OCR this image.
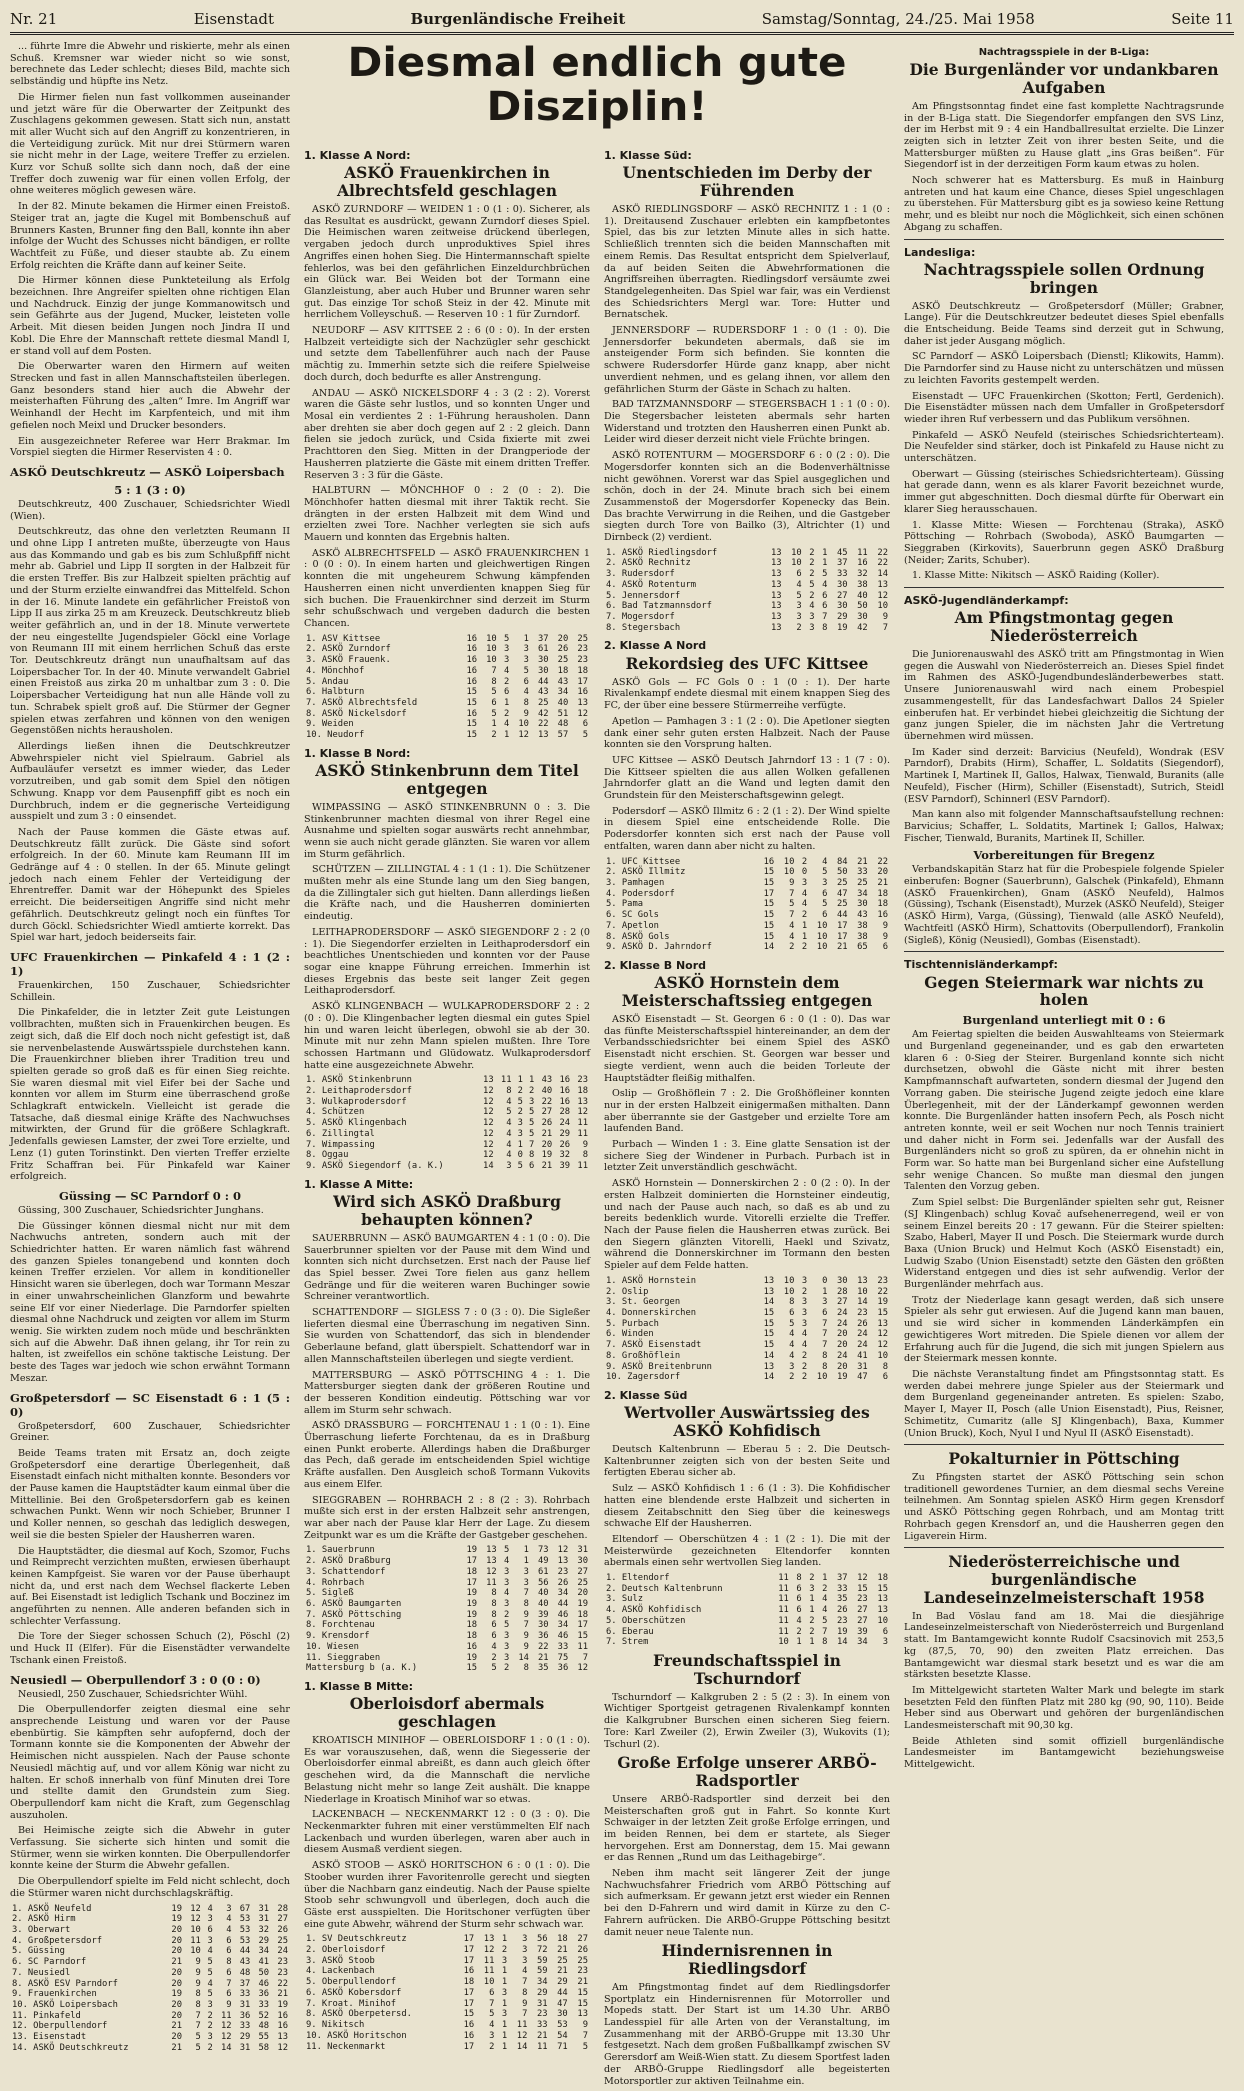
Nr. 21	Eisenstadt	Burgenländische Freiheit	Samstag/Sonntag, 24./25. Mai 1958	Seite 11

... führte Imre die Abwehr und riskierte, mehr als einen Schuß. Kremsner war wieder nicht so wie sonst, berechnete das Leder schlecht; dieses Bild, machte sich selbständig und hüpfte ins Netz.

Die Hirmer fielen nun fast vollkommen auseinander und jetzt wäre für die Oberwarter der Zeitpunkt des Zuschlagens gekommen gewesen. Statt sich nun, anstatt mit aller Wucht sich auf den Angriff zu konzentrieren, in die Verteidigung zurück. Mit nur drei Stürmern waren sie nicht mehr in der Lage, weitere Treffer zu erzielen. Kurz vor Schuß sollte sich dann noch, daß der eine Treffer doch zuwenig war für einen vollen Erfolg, der ohne weiteres möglich gewesen wäre.

In der 82. Minute bekamen die Hirmer einen Freistoß. Steiger trat an, jagte die Kugel mit Bombenschuß auf Brunners Kasten, Brunner fing den Ball, konnte ihn aber infolge der Wucht des Schusses nicht bändigen, er rollte Wachtfeit zu Füße, und dieser staubte ab. Zu einem Erfolg reichten die Kräfte dann auf keiner Seite.

Die Hirmer können diese Punkteteilung als Erfolg bezeichnen. Ihre Angreifer spielten ohne richtigen Elan und Nachdruck. Einzig der junge Kommanowitsch und sein Gefährte aus der Jugend, Mucker, leisteten volle Arbeit. Mit diesen beiden Jungen noch Jindra II und Kobl. Die Ehre der Mannschaft rettete diesmal Mandl I, er stand voll auf dem Posten.

Die Oberwarter waren den Hirmern auf weiten Strecken und fast in allen Mannschaftsteilen überlegen. Ganz besonders stand hier auch die Abwehr der meisterhaften Führung des „alten“ Imre. Im Angriff war Weinhandl der Hecht im Karpfenteich, und mit ihm gefielen noch Meixl und Drucker besonders.

Ein ausgezeichneter Referee war Herr Brakmar. Im Vorspiel siegten die Hirmer Reservisten 4 : 0.

ASKÖ Deutschkreutz — ASKÖ Loipersbach
5 : 1 (3 : 0)

Deutschkreutz, 400 Zuschauer, Schiedsrichter Wiedl (Wien).

Deutschkreutz, das ohne den verletzten Reumann II und ohne Lipp I antreten mußte, überzeugte von Haus aus das Kommando und gab es bis zum Schlußpfiff nicht mehr ab. Gabriel und Lipp II sorgten in der Halbzeit für die ersten Treffer. Bis zur Halbzeit spielten prächtig auf und der Sturm erzielte einwandfrei das Mittelfeld. Schon in der 16. Minute landete ein gefährlicher Freistoß von Lipp II aus zirka 25 m am Kreuzeck. Deutschkreutz blieb weiter gefährlich an, und in der 18. Minute verwertete der neu eingestellte Jugendspieler Göckl eine Vorlage von Reumann III mit einem herrlichen Schuß das erste Tor. Deutschkreutz drängt nun unaufhaltsam auf das Loipersbacher Tor. In der 40. Minute verwandelt Gabriel einen Freistoß aus zirka 20 m unhaltbar zum 3 : 0. Die Loipersbacher Verteidigung hat nun alle Hände voll zu tun. Schrabek spielt groß auf. Die Stürmer der Gegner spielen etwas zerfahren und können von den wenigen Gegenstößen nichts herausholen.

Allerdings ließen ihnen die Deutschkreutzer Abwehrspieler nicht viel Spielraum. Gabriel als Aufbauläufer versetzt es immer wieder, das Leder vorzutreiben, und gab somit dem Spiel den nötigen Schwung. Knapp vor dem Pausenpfiff gibt es noch ein Durchbruch, indem er die gegnerische Verteidigung ausspielt und zum 3 : 0 einsendet.

Nach der Pause kommen die Gäste etwas auf. Deutschkreutz fällt zurück. Die Gäste sind sofort erfolgreich. In der 60. Minute kam Reumann III im Gedränge auf 4 : 0 stellen. In der 65. Minute gelingt jedoch nach einem Fehler der Verteidigung der Ehrentreffer. Damit war der Höhepunkt des Spieles erreicht. Die beiderseitigen Angriffe sind nicht mehr gefährlich. Deutschkreutz gelingt noch ein fünftes Tor durch Göckl. Schiedsrichter Wiedl amtierte korrekt. Das Spiel war hart, jedoch beiderseits fair.

UFC Frauenkirchen — Pinkafeld 4 : 1 (2 : 1)

Frauenkirchen, 150 Zuschauer, Schiedsrichter Schillein.

Die Pinkafelder, die in letzter Zeit gute Leistungen vollbrachten, mußten sich in Frauenkirchen beugen. Es zeigt sich, daß die Elf doch noch nicht gefestigt ist, daß sie nervenbelastende Auswärtsspiele durchstehen kann. Die Frauenkirchner blieben ihrer Tradition treu und spielten gerade so groß daß es für einen Sieg reichte. Sie waren diesmal mit viel Eifer bei der Sache und konnten vor allem im Sturm eine überraschend große Schlagkraft entwickeln. Vielleicht ist gerade die Tatsache, daß diesmal einige Kräfte des Nachwuchses mitwirkten, der Grund für die größere Schlagkraft. Jedenfalls gewiesen Lamster, der zwei Tore erzielte, und Lenz (1) guten Torinstinkt. Den vierten Treffer erzielte Fritz Schaffran bei. Für Pinkafeld war Kainer erfolgreich.

Güssing — SC Parndorf 0 : 0

Güssing, 300 Zuschauer, Schiedsrichter Junghans.

Die Güssinger können diesmal nicht nur mit dem Nachwuchs antreten, sondern auch mit der Schiedrichter hatten. Er waren nämlich fast während des ganzen Spieles tonangebend und konnten doch keinen Treffer erzielen. Vor allem in konditioneller Hinsicht waren sie überlegen, doch war Tormann Meszar in einer unwahrscheinlichen Glanzform und bewahrte seine Elf vor einer Niederlage. Die Parndorfer spielten diesmal ohne Nachdruck und zeigten vor allem im Sturm wenig. Sie wirkten zudem noch müde und beschränkten sich auf die Abwehr. Daß ihnen gelang, ihr Tor rein zu halten, ist zweifellos ein schöne taktische Leistung. Der beste des Tages war jedoch wie schon erwähnt Tormann Meszar.

Großpetersdorf — SC Eisenstadt 6 : 1 (5 : 0)

Großpetersdorf, 600 Zuschauer, Schiedsrichter Greiner.

Beide Teams traten mit Ersatz an, doch zeigte Großpetersdorf eine derartige Überlegenheit, daß Eisenstadt einfach nicht mithalten konnte. Besonders vor der Pause kamen die Hauptstädter kaum einmal über die Mittellinie. Bei den Großpetersdorfern gab es keinen schwachen Punkt. Wenn wir noch Schieber, Brunner I und Koller nennen, so geschah das lediglich deswegen, weil sie die besten Spieler der Hausherren waren.

Die Hauptstädter, die diesmal auf Koch, Szomor, Fuchs und Reimprecht verzichten mußten, erwiesen überhaupt keinen Kampfgeist. Sie waren vor der Pause überhaupt nicht da, und erst nach dem Wechsel flackerte Leben auf. Bei Eisenstadt ist lediglich Tschank und Boczinez im angeführten zu nennen. Alle anderen befanden sich in schlechter Verfassung.

Die Tore der Sieger schossen Schuch (2), Pöschl (2) und Huck II (Elfer). Für die Eisenstädter verwandelte Tschank einen Freistoß.

Neusiedl — Oberpullendorf 3 : 0 (0 : 0)

Neusiedl, 250 Zuschauer, Schiedsrichter Wühl.

Die Oberpullendorfer zeigten diesmal eine sehr ansprechende Leistung und waren vor der Pause ebenbürtig. Sie kämpften sehr aufopfernd, doch der Tormann konnte sie die Komponenten der Abwehr der Heimischen nicht ausspielen. Nach der Pause schonte Neusiedl mächtig auf, und vor allem König war nicht zu halten. Er schoß innerhalb von fünf Minuten drei Tore und stellte damit den Grundstein zum Sieg. Oberpullendorf kam nicht die Kraft, zum Gegenschlag auszuholen.

Bei Heimische zeigte sich die Abwehr in guter Verfassung. Sie sicherte sich hinten und somit die Stürmer, wenn sie wirken konnten. Die Oberpullendorfer konnte keine der Sturm die Abwehr gefallen.

Die Oberpullendorf spielte im Feld nicht schlecht, doch die Stürmer waren nicht durchschlagskräftig.

1. ASKÖ Neufeld	19	12	4	3	67	31	28
2. ASKÖ Hirm	19	12	3	4	53	31	27
3. Oberwart	20	10	6	4	53	32	26
4. Großpetersdorf	20	11	3	6	53	29	25
5. Güssing	20	10	4	6	44	34	24
6. SC Parndorf	21	9	5	8	43	41	23
7. Neusiedl	20	9	5	6	48	50	23
8. ASKÖ ESV Parndorf	20	9	4	7	37	46	22
9. Frauenkirchen	19	8	5	6	33	36	21
10. ASKÖ Loipersbach	20	8	3	9	31	33	19
11. Pinkafeld	20	7	2	11	36	52	16
12. Oberpullendorf	21	7	2	12	33	48	16
13. Eisenstadt	20	5	3	12	29	55	13
14. ASKÖ Deutschkreutz	21	5	2	14	31	58	12
Diesmal endlich gute Disziplin!
Nachtragsspiele in der B-Liga:
Die Burgenländer vor undankbaren Aufgaben

Am Pfingstsonntag findet eine fast komplette Nachtragsrunde in der B-Liga statt. Die Siegendorfer empfangen den SVS Linz, der im Herbst mit 9 : 4 ein Handballresultat erzielte. Die Linzer zeigten sich in letzter Zeit von ihrer besten Seite, und die Mattersburger müßten zu Hause glatt „ins Gras beißen“. Für Siegendorf ist in der derzeitigen Form kaum etwas zu holen.

Noch schwerer hat es Mattersburg. Es muß in Hainburg antreten und hat kaum eine Chance, dieses Spiel ungeschlagen zu überstehen. Für Mattersburg gibt es ja sowieso keine Rettung mehr, und es bleibt nur noch die Möglichkeit, sich einen schönen Abgang zu schaffen.

Landesliga:
Nachtragsspiele sollen Ordnung bringen

ASKÖ Deutschkreutz — Großpetersdorf (Müller; Grabner, Lange). Für die Deutschkreutzer bedeutet dieses Spiel ebenfalls die Entscheidung. Beide Teams sind derzeit gut in Schwung, daher ist jeder Ausgang möglich.

SC Parndorf — ASKÖ Loipersbach (Dienstl; Klikowits, Hamm). Die Parndorfer sind zu Hause nicht zu unterschätzen und müssen zu leichten Favorits gestempelt werden.

Eisenstadt — UFC Frauenkirchen (Skotton; Fertl, Gerdenich). Die Eisenstädter müssen nach dem Umfaller in Großpetersdorf wieder ihren Ruf verbessern und das Publikum versöhnen.

Pinkafeld — ASKÖ Neufeld (steirisches Schiedsrichterteam). Die Neufelder sind stärker, doch ist Pinkafeld zu Hause nicht zu unterschätzen.

Oberwart — Güssing (steirisches Schiedsrichterteam). Güssing hat gerade dann, wenn es als klarer Favorit bezeichnet wurde, immer gut abgeschnitten. Doch diesmal dürfte für Oberwart ein klarer Sieg herausschauen.

1. Klasse Mitte: Wiesen — Forchtenau (Straka), ASKÖ Pöttsching — Rohrbach (Swoboda), ASKÖ Baumgarten — Sieggraben (Kirkovits), Sauerbrunn gegen ASKÖ Draßburg (Neider; Zarits, Schuber).

1. Klasse Mitte: Nikitsch — ASKÖ Raiding (Koller).

ASKÖ-Jugendländerkampf:
Am Pfingstmontag gegen Niederösterreich

Die Juniorenauswahl des ASKÖ tritt am Pfingstmontag in Wien gegen die Auswahl von Niederösterreich an. Dieses Spiel findet im Rahmen des ASKÖ-Jugendbundesländerbewerbes statt. Unsere Juniorenauswahl wird nach einem Probespiel zusammengestellt, für das Landesfachwart Dallos 24 Spieler einberufen hat. Er verbindet hiebei gleichzeitig die Sichtung der ganz jungen Spieler, die im nächsten Jahr die Vertretung übernehmen wird müssen.

Im Kader sind derzeit: Barvicius (Neufeld), Wondrak (ESV Parndorf), Drabits (Hirm), Schaffer, L. Soldatits (Siegendorf), Martinek I, Martinek II, Gallos, Halwax, Tienwald, Buranits (alle Neufeld), Fischer (Hirm), Schiller (Eisenstadt), Sutrich, Steidl (ESV Parndorf), Schinnerl (ESV Parndorf).

Man kann also mit folgender Mannschaftsaufstellung rechnen: Barvicius; Schaffer, L. Soldatits, Martinek I; Gallos, Halwax; Fischer, Tienwald, Buranits, Martinek II, Schiller.

Vorbereitungen für Bregenz

Verbandskapitän Starz hat für die Probespiele folgende Spieler einberufen: Bogner (Sauerbrunn), Galschek (Pinkafeld), Ehmann (ASKÖ Frauenkirchen), Gnam (ASKÖ Neufeld), Halmos (Güssing), Tschank (Eisenstadt), Murzek (ASKÖ Neufeld), Steiger (ASKÖ Hirm), Varga, (Güssing), Tienwald (alle ASKÖ Neufeld), Wachtfeitl (ASKÖ Hirm), Schattovits (Oberpullendorf), Frankolin (Sigleß), König (Neusiedl), Gombas (Eisenstadt).

Tischtennisländerkampf:
Gegen Steiermark war nichts zu holen
Burgenland unterliegt mit 0 : 6

Am Feiertag spielten die beiden Auswahlteams von Steiermark und Burgenland gegeneinander, und es gab den erwarteten klaren 6 : 0-Sieg der Steirer. Burgenland konnte sich nicht durchsetzen, obwohl die Gäste nicht mit ihrer besten Kampfmannschaft aufwarteten, sondern diesmal der Jugend den Vorrang gaben. Die steirische Jugend zeigte jedoch eine klare Überlegenheit, mit der der Länderkampf gewonnen werden konnte. Die Burgenländer hatten insofern Pech, als Posch nicht antreten konnte, weil er seit Wochen nur noch Tennis trainiert und daher nicht in Form sei. Jedenfalls war der Ausfall des Burgenländers nicht so groß zu spüren, da er ohnehin nicht in Form war. So hatte man bei Burgenland sicher eine Aufstellung sehr wenige Chancen. So mußte man diesmal den jungen Talenten den Vorzug geben.

Zum Spiel selbst: Die Burgenländer spielten sehr gut, Reisner (SJ Klingenbach) schlug Kovač aufsehenerregend, weil er von seinem Einzel bereits 20 : 17 gewann. Für die Steirer spielten: Szabo, Haberl, Mayer II und Posch. Die Steiermark wurde durch Baxa (Union Bruck) und Helmut Koch (ASKÖ Eisenstadt) ein, Ludwig Szabo (Union Eisenstadt) setzte den Gästen den größten Widerstand entgegen und dies ist sehr aufwendig. Verlor der Burgenländer mehrfach aus.

Trotz der Niederlage kann gesagt werden, daß sich unsere Spieler als sehr gut erwiesen. Auf die Jugend kann man bauen, und sie wird sicher in kommenden Länderkämpfen ein gewichtigeres Wort mitreden. Die Spiele dienen vor allem der Erfahrung auch für die Jugend, die sich mit jungen Spielern aus der Steiermark messen konnte.

Die nächste Veranstaltung findet am Pfingstsonntag statt. Es werden dabei mehrere junge Spieler aus der Steiermark und dem Burgenland gegeneinander antreten. Es spielen: Szabo, Mayer I, Mayer II, Posch (alle Union Eisenstadt), Pius, Reisner, Schimetitz, Cumaritz (alle SJ Klingenbach), Baxa, Kummer (Union Bruck), Koch, Nyul I und Nyul II (ASKÖ Eisenstadt).

Pokalturnier in Pöttsching

Zu Pfingsten startet der ASKÖ Pöttsching sein schon traditionell gewordenes Turnier, an dem diesmal sechs Vereine teilnehmen. Am Sonntag spielen ASKÖ Hirm gegen Krensdorf und ASKÖ Pöttsching gegen Rohrbach, und am Montag tritt Rohrbach gegen Krensdorf an, und die Hausherren gegen den Ligaverein Hirm.

Niederösterreichische und burgenländische Landeseinzelmeisterschaft 1958

In Bad Vöslau fand am 18. Mai die diesjährige Landeseinzelmeisterschaft von Niederösterreich und Burgenland statt. Im Bantamgewicht konnte Rudolf Csacsinovich mit 253,5 kg (87,5, 70, 90) den zweiten Platz erreichen. Das Bantamgewicht war diesmal stark besetzt und es war die am stärksten besetzte Klasse.

Im Mittelgewicht starteten Walter Mark und belegte im stark besetzten Feld den fünften Platz mit 280 kg (90, 90, 110). Beide Heber sind aus Oberwart und gehören der burgenländischen Landesmeisterschaft mit 90,30 kg.

Beide Athleten sind somit offiziell burgenländische Landesmeister im Bantamgewicht beziehungsweise Mittelgewicht.

1. Klasse A Nord:
ASKÖ Frauenkirchen in Albrechtsfeld geschlagen

ASKÖ ZURNDORF — WEIDEN 1 : 0 (1 : 0). Sicherer, als das Resultat es ausdrückt, gewann Zurndorf dieses Spiel. Die Heimischen waren zeitweise drückend überlegen, vergaben jedoch durch unproduktives Spiel ihres Angriffes einen hohen Sieg. Die Hintermannschaft spielte fehlerlos, was bei den gefährlichen Einzeldurchbrüchen ein Glück war. Bei Weiden bot der Tormann eine Glanzleistung, aber auch Huber und Brunner waren sehr gut. Das einzige Tor schoß Steiz in der 42. Minute mit herrlichem Volleyschuß. — Reserven 10 : 1 für Zurndorf.

NEUDORF — ASV KITTSEE 2 : 6 (0 : 0). In der ersten Halbzeit verteidigte sich der Nachzügler sehr geschickt und setzte dem Tabellenführer auch nach der Pause mächtig zu. Immerhin setzte sich die reifere Spielweise doch durch, doch bedurfte es aller Anstrengung.

ANDAU — ASKÖ NICKELSDORF 4 : 3 (2 : 2). Vorerst waren die Gäste sehr lustlos, und so konnten Unger und Mosal ein verdientes 2 : 1-Führung herausholen. Dann aber drehten sie aber doch gegen auf 2 : 2 gleich. Dann fielen sie jedoch zurück, und Csida fixierte mit zwei Prachttoren den Sieg. Mitten in der Drangperiode der Hausherren platzierte die Gäste mit einem dritten Treffer. Reserven 3 : 3 für die Gäste.

HALBTURN — MÖNCHHOF 0 : 2 (0 : 2). Die Mönchhofer hatten diesmal mit ihrer Taktik recht. Sie drängten in der ersten Halbzeit mit dem Wind und erzielten zwei Tore. Nachher verlegten sie sich aufs Mauern und konnten das Ergebnis halten.

ASKÖ ALBRECHTSFELD — ASKÖ FRAUENKIRCHEN 1 : 0 (0 : 0). In einem harten und gleichwertigen Ringen konnten die mit ungeheurem Schwung kämpfenden Hausherren einen nicht unverdienten knappen Sieg für sich buchen. Die Frauenkirchner sind derzeit im Sturm sehr schußschwach und vergeben dadurch die besten Chancen.

1. ASV Kittsee	16	10	5	1	37	20	25
2. ASKÖ Zurndorf	16	10	3	3	61	26	23
3. ASKÖ Frauenk.	16	10	3	3	30	25	23
4. Mönchhof	16	7	4	5	30	18	18
5. Andau	16	8	2	6	44	43	17
6. Halbturn	15	5	6	4	43	34	16
7. ASKÖ Albrechtsfeld	15	6	1	8	25	40	13
8. ASKÖ Nickelsdorf	16	5	2	9	42	51	12
9. Weiden	15	1	4	10	22	48	6
10. Neudorf	15	2	1	12	13	57	5
1. Klasse B Nord:
ASKÖ Stinkenbrunn dem Titel entgegen

WIMPASSING — ASKÖ STINKENBRUNN 0 : 3. Die Stinkenbrunner machten diesmal von ihrer Regel eine Ausnahme und spielten sogar auswärts recht annehmbar, wenn sie auch nicht gerade glänzten. Sie waren vor allem im Sturm gefährlich.

SCHÜTZEN — ZILLINGTAL 4 : 1 (1 : 1). Die Schützener mußten mehr als eine Stunde lang um den Sieg bangen, da die Zillingtaler sich gut hielten. Dann allerdings ließen die Kräfte nach, und die Hausherren dominierten eindeutig.

LEITHAPRODERSDORF — ASKÖ SIEGENDORF 2 : 2 (0 : 1). Die Siegendorfer erzielten in Leithaprodersdorf ein beachtliches Unentschieden und konnten vor der Pause sogar eine knappe Führung erreichen. Immerhin ist dieses Ergebnis das beste seit langer Zeit gegen Leithaprodersdorf.

ASKÖ KLINGENBACH — WULKAPRODERSDORF 2 : 2 (0 : 0). Die Klingenbacher legten diesmal ein gutes Spiel hin und waren leicht überlegen, obwohl sie ab der 30. Minute mit nur zehn Mann spielen mußten. Ihre Tore schossen Hartmann und Glüdowatz. Wulkaprodersdorf hatte eine ausgezeichnete Abwehr.

1. ASKÖ Stinkenbrunn	13	11	1	1	43	16	23
2. Leithaprodersdorf	12	8	2	2	40	16	18
3. Wulkaprodersdorf	12	4	5	3	22	16	13
4. Schützen	12	5	2	5	27	28	12
5. ASKÖ Klingenbach	12	4	3	5	26	24	11
6. Zillingtal	12	4	3	5	21	29	11
7. Wimpassing	12	4	1	7	20	26	9
8. Oggau	12	4	0	8	19	32	8
9. ASKÖ Siegendorf (a. K.)	14	3	5	6	21	39	11
1. Klasse A Mitte:
Wird sich ASKÖ Draßburg behaupten können?

SAUERBRUNN — ASKÖ BAUMGARTEN 4 : 1 (0 : 0). Die Sauerbrunner spielten vor der Pause mit dem Wind und konnten sich nicht durchsetzen. Erst nach der Pause lief das Spiel besser. Zwei Tore fielen aus ganz hellem Gedränge und für die weiteren waren Buchinger sowie Schreiner verantwortlich.

SCHATTENDORF — SIGLESS 7 : 0 (3 : 0). Die Sigleßer lieferten diesmal eine Überraschung im negativen Sinn. Sie wurden von Schattendorf, das sich in blendender Geberlaune befand, glatt überspielt. Schattendorf war in allen Mannschaftsteilen überlegen und siegte verdient.

MATTERSBURG — ASKÖ PÖTTSCHING 4 : 1. Die Mattersburger siegten dank der größeren Routine und der besseren Kondition eindeutig. Pöttsching war vor allem im Sturm sehr schwach.

ASKÖ DRASSBURG — FORCHTENAU 1 : 1 (0 : 1). Eine Überraschung lieferte Forchtenau, da es in Draßburg einen Punkt eroberte. Allerdings haben die Draßburger das Pech, daß gerade im entscheidenden Spiel wichtige Kräfte ausfallen. Den Ausgleich schoß Tormann Vukovits aus einem Elfer.

SIEGGRABEN — ROHRBACH 2 : 8 (2 : 3). Rohrbach mußte sich erst in der ersten Halbzeit sehr anstrengen, war aber nach der Pause klar Herr der Lage. Zu diesem Zeitpunkt war es um die Kräfte der Gastgeber geschehen.

1. Sauerbrunn	19	13	5	1	73	12	31
2. ASKÖ Draßburg	17	13	4	1	49	13	30
3. Schattendorf	18	12	3	3	61	23	27
4. Rohrbach	17	11	3	3	56	26	25
5. Sigleß	19	8	4	7	40	34	20
6. ASKÖ Baumgarten	19	8	3	8	40	44	19
7. ASKÖ Pöttsching	19	8	2	9	39	46	18
8. Forchtenau	18	6	5	7	30	34	17
9. Krensdorf	18	6	3	9	36	46	15
10. Wiesen	16	4	3	9	22	33	11
11. Sieggraben	19	2	3	14	21	75	7
Mattersburg b (a. K.)	15	5	2	8	35	36	12
1. Klasse B Mitte:
Oberloisdorf abermals geschlagen

KROATISCH MINIHOF — OBERLOISDORF 1 : 0 (1 : 0). Es war vorauszusehen, daß, wenn die Siegesserie der Oberloisdorfer einmal abreißt, es dann auch gleich öfter geschehen wird, da die Mannschaft die nervliche Belastung nicht mehr so lange Zeit aushält. Die knappe Niederlage in Kroatisch Minihof war so etwas.

LACKENBACH — NECKENMARKT 12 : 0 (3 : 0). Die Neckenmarkter fuhren mit einer verstümmelten Elf nach Lackenbach und wurden überlegen, waren aber auch in diesem Ausmaß verdient siegen.

ASKÖ STOOB — ASKÖ HORITSCHON 6 : 0 (1 : 0). Die Stoober wurden ihrer Favoritenrolle gerecht und siegten über die Nachbarn ganz eindeutig. Nach der Pause spielte Stoob sehr schwungvoll und überlegen, doch auch die Gäste erst ausspielten. Die Horitschoner verfügten über eine gute Abwehr, während der Sturm sehr schwach war.

1. SV Deutschkreutz	17	13	1	3	56	18	27
2. Oberloisdorf	17	12	2	3	72	21	26
3. ASKÖ Stoob	17	11	3	3	59	25	25
4. Lackenbach	16	11	1	4	59	21	23
5. Oberpullendorf	18	10	1	7	34	29	21
6. ASKÖ Kobersdorf	17	6	3	8	29	44	15
7. Kroat. Minihof	17	7	1	9	31	47	15
8. ASKÖ Oberpetersd.	15	5	3	7	23	30	13
9. Nikitsch	16	4	1	11	33	53	9
10. ASKÖ Horitschon	16	3	1	12	21	54	7
11. Neckenmarkt	17	2	1	14	11	71	5
1. Klasse Süd:
Unentschieden im Derby der Führenden

ASKÖ RIEDLINGSDORF — ASKÖ RECHNITZ 1 : 1 (0 : 1). Dreitausend Zuschauer erlebten ein kampfbetontes Spiel, das bis zur letzten Minute alles in sich hatte. Schließlich trennten sich die beiden Mannschaften mit einem Remis. Das Resultat entspricht dem Spielverlauf, da auf beiden Seiten die Abwehrformationen die Angriffsreihen überragten. Riedlingsdorf versäumte zwei Standgelegenheiten. Das Spiel war fair, was ein Verdienst des Schiedsrichters Mergl war. Tore: Hutter und Bernatschek.

JENNERSDORF — RUDERSDORF 1 : 0 (1 : 0). Die Jennersdorfer bekundeten abermals, daß sie im ansteigender Form sich befinden. Sie konnten die schwere Rudersdorfer Hürde ganz knapp, aber nicht unverdient nehmen, und es gelang ihnen, vor allem den gefährlichen Sturm der Gäste in Schach zu halten.

BAD TATZMANNSDORF — STEGERSBACH 1 : 1 (0 : 0). Die Stegersbacher leisteten abermals sehr harten Widerstand und trotzten den Hausherren einen Punkt ab. Leider wird dieser derzeit nicht viele Früchte bringen.

ASKÖ ROTENTURM — MOGERSDORF 6 : 0 (2 : 0). Die Mogersdorfer konnten sich an die Bodenverhältnisse nicht gewöhnen. Vorerst war das Spiel ausgeglichen und schön, doch in der 24. Minute brach sich bei einem Zusammenstoß der Mogersdorfer Kopenecky das Bein. Das brachte Verwirrung in die Reihen, und die Gastgeber siegten durch Tore von Bailko (3), Altrichter (1) und Dirnbeck (2) verdient.

1. ASKÖ Riedlingsdorf	13	10	2	1	45	11	22
2. ASKÖ Rechnitz	13	10	2	1	37	16	22
3. Rudersdorf	13	6	2	5	33	32	14
4. ASKÖ Rotenturm	13	4	5	4	30	38	13
5. Jennersdorf	13	5	2	6	27	40	12
6. Bad Tatzmannsdorf	13	3	4	6	30	50	10
7. Mogersdorf	13	3	3	7	29	30	9
8. Stegersbach	13	2	3	8	19	42	7
2. Klasse A Nord
Rekordsieg des UFC Kittsee

ASKÖ Gols — FC Gols 0 : 1 (0 : 1). Der harte Rivalenkampf endete diesmal mit einem knappen Sieg des FC, der über eine bessere Stürmerreihe verfügte.

Apetlon — Pamhagen 3 : 1 (2 : 0). Die Apetloner siegten dank einer sehr guten ersten Halbzeit. Nach der Pause konnten sie den Vorsprung halten.

UFC Kittsee — ASKÖ Deutsch Jahrndorf 13 : 1 (7 : 0). Die Kittseer spielten die aus allen Wolken gefallenen Jahrndorfer glatt an die Wand und legten damit den Grundstein für den Meisterschaftsgewinn gelegt.

Podersdorf — ASKÖ Illmitz 6 : 2 (1 : 2). Der Wind spielte in diesem Spiel eine entscheidende Rolle. Die Podersdorfer konnten sich erst nach der Pause voll entfalten, waren dann aber nicht zu halten.

1. UFC Kittsee	16	10	2	4	84	21	22
2. ASKÖ Illmitz	15	10	0	5	50	33	20
3. Pamhagen	15	9	3	3	25	25	21
4. Podersdorf	17	7	4	6	47	34	18
5. Pama	15	5	4	5	25	30	18
6. SC Gols	15	7	2	6	44	43	16
7. Apetlon	15	4	1	10	17	38	9
8. ASKÖ Gols	15	4	1	10	17	38	9
9. ASKÖ D. Jahrndorf	14	2	2	10	21	65	6
2. Klasse B Nord
ASKÖ Hornstein dem Meisterschaftssieg entgegen

ASKÖ Eisenstadt — St. Georgen 6 : 0 (1 : 0). Das war das fünfte Meisterschaftsspiel hintereinander, an dem der Verbandsschiedsrichter bei einem Spiel des ASKÖ Eisenstadt nicht erschien. St. Georgen war besser und siegte verdient, wenn auch die beiden Torleute der Hauptstädter fleißig mithalfen.

Oslip — Großhöflein 7 : 2. Die Großhöfleiner konnten nur in der ersten Halbzeit einigermaßen mithalten. Dann aber überrannte sie der Gastgeber und erzielte Tore am laufenden Band.

Purbach — Winden 1 : 3. Eine glatte Sensation ist der sichere Sieg der Windener in Purbach. Purbach ist in letzter Zeit unverständlich geschwächt.

ASKÖ Hornstein — Donnerskirchen 2 : 0 (2 : 0). In der ersten Halbzeit dominierten die Hornsteiner eindeutig, und nach der Pause auch nach, so daß es ab und zu bereits bedenklich wurde. Vitorelli erzielte die Treffer. Nach der Pause fielen die Hausherren etwas zurück. Bei den Siegern glänzten Vitorelli, Haekl und Szivatz, während die Donnerskirchner im Tormann den besten Spieler auf dem Felde hatten.

1. ASKÖ Hornstein	13	10	3	0	30	13	23
2. Oslip	13	10	2	1	28	10	22
3. St. Georgen	14	8	3	3	27	14	19
4. Donnerskirchen	15	6	3	6	24	23	15
5. Purbach	15	5	3	7	24	26	13
6. Winden	15	4	4	7	20	24	12
7. ASKÖ Eisenstadt	15	4	4	7	20	24	12
8. Großhöflein	14	4	2	8	24	41	10
9. ASKÖ Breitenbrunn	13	3	2	8	20	31	8
10. Zagersdorf	14	2	2	10	19	47	6
2. Klasse Süd
Wertvoller Auswärtssieg des ASKÖ Kohfidisch

Deutsch Kaltenbrunn — Eberau 5 : 2. Die Deutsch-Kaltenbrunner zeigten sich von der besten Seite und fertigten Eberau sicher ab.

Sulz — ASKÖ Kohfidisch 1 : 6 (1 : 3). Die Kohfidischer hatten eine blendende erste Halbzeit und sicherten in diesem Zeitabschnitt den Sieg über die keineswegs schwache Elf der Hausherren.

Eltendorf — Oberschützen 4 : 1 (2 : 1). Die mit der Meisterwürde gezeichneten Eltendorfer konnten abermals einen sehr wertvollen Sieg landen.

1. Eltendorf	11	8	2	1	37	12	18
2. Deutsch Kaltenbrunn	11	6	3	2	33	15	15
3. Sulz	11	6	1	4	35	23	13
4. ASKÖ Kohfidisch	11	6	1	4	26	27	13
5. Oberschützen	11	4	2	5	23	27	10
6. Eberau	11	2	2	7	19	39	6
7. Strem	10	1	1	8	14	34	3
Freundschaftsspiel in Tschurndorf

Tschurndorf — Kalkgruben 2 : 5 (2 : 3). In einem von Wichtiger Sportgeist getragenen Rivalenkampf konnten die Kalkgrubner Burschen einen sicheren Sieg feiern. Tore: Karl Zweiler (2), Erwin Zweiler (3), Wukovits (1); Tschurl (2).

Große Erfolge unserer ARBÖ-Radsportler

Unsere ARBÖ-Radsportler sind derzeit bei den Meisterschaften groß gut in Fahrt. So konnte Kurt Schwaiger in der letzten Zeit große Erfolge erringen, und im beiden Rennen, bei dem er startete, als Sieger hervorgehen. Erst am Donnerstag, dem 15. Mai gewann er das Rennen „Rund um das Leithagebirge“.

Neben ihm macht seit längerer Zeit der junge Nachwuchsfahrer Friedrich vom ARBÖ Pöttsching auf sich aufmerksam. Er gewann jetzt erst wieder ein Rennen bei den D-Fahrern und wird damit in Kürze zu den C-Fahrern aufrücken. Die ARBÖ-Gruppe Pöttsching besitzt damit neuer neue Talente nun.

Hindernisrennen in Riedlingsdorf

Am Pfingstmontag findet auf dem Riedlingsdorfer Sportplatz ein Hindernisrennen für Motorroller und Mopeds statt. Der Start ist um 14.30 Uhr. ARBÖ Landesspiel für alle Arten von der Veranstaltung, im Zusammenhang mit der ARBÖ-Gruppe mit 13.30 Uhr festgesetzt. Nach dem großen Fußballkampf zwischen SV Gerersdorf am Weiß-Wien statt. Zu diesem Sportfest laden der ARBÖ-Gruppe Riedlingsdorf alle begeisterten Motorsportler zur aktiven Teilnahme ein.
